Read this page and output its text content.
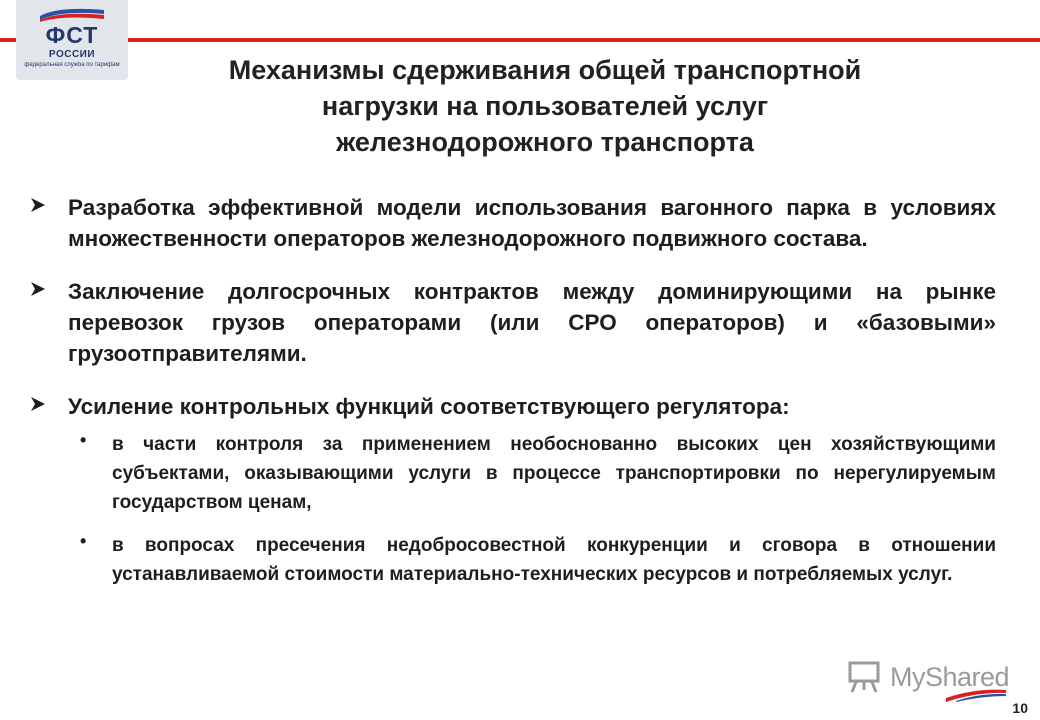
ФСТ
РОССИИ
федеральная служба по тарифам	Механизмы сдерживания общей транспортной
нагрузки на пользователей услуг
железнодорожного транспорта
Разработка эффективной модели использования вагонного парка в условиях множественности операторов железнодорожного подвижного состава.
Заключение долгосрочных контрактов между доминирующими на рынке перевозок грузов операторами (или СРО операторов) и «базовыми» грузоотправителями.
Усиление контрольных функций соответствующего регулятора:
• в части контроля за применением необоснованно высоких цен хозяйствующими субъектами, оказывающими услуги в процессе транспортировки по нерегулируемым государством ценам,
• в вопросах пресечения недобросовестной конкуренции и сговора в отношении устанавливаемой стоимости материально-технических ресурсов и потребляемых услуг.
MyShared
10
